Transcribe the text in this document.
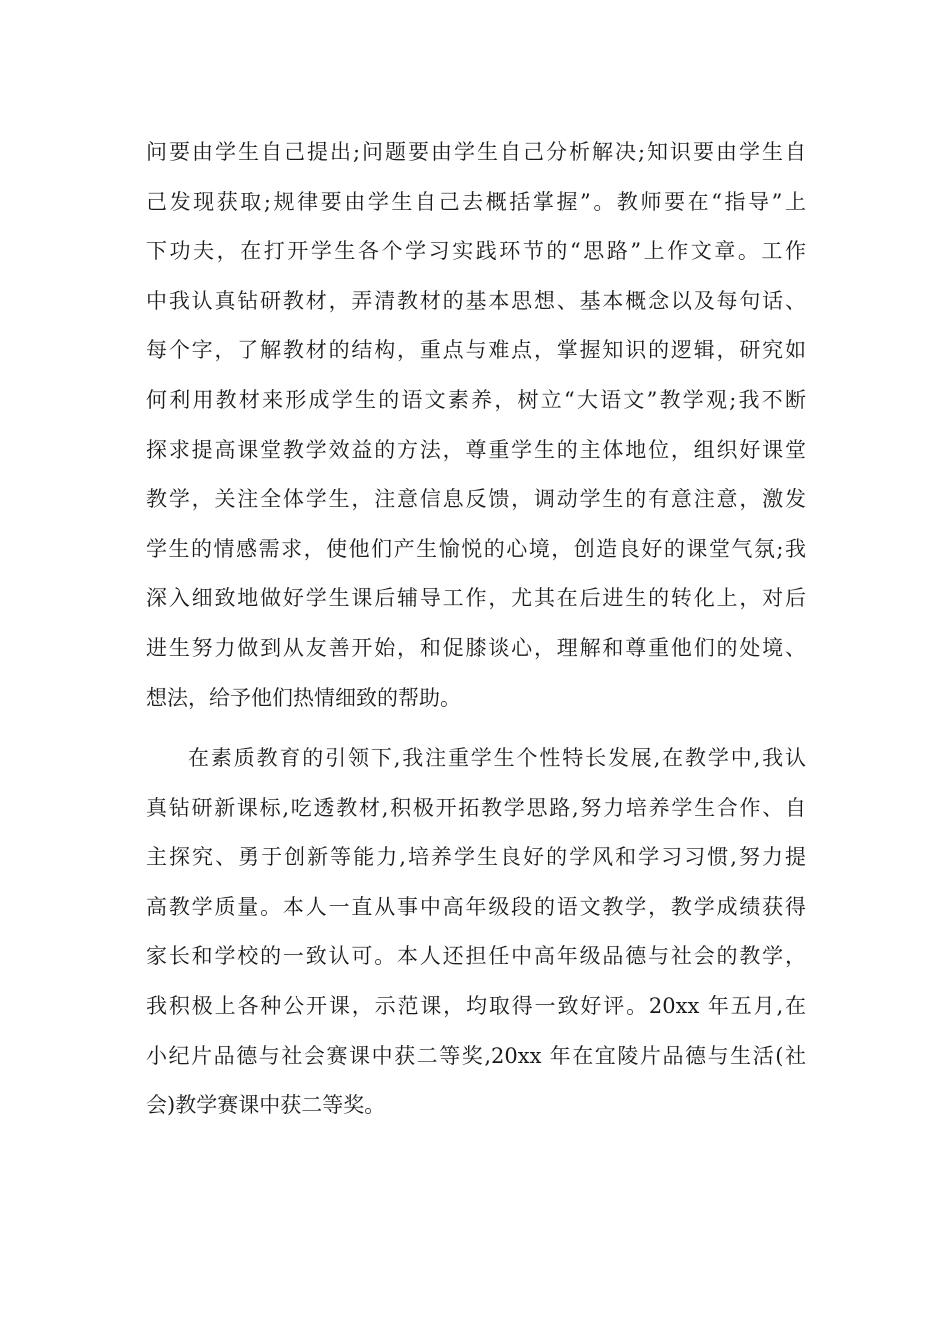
问要由学生自己提出;问题要由学生自己分析解决;知识要由学生自
己发现获取;规律要由学生自己去概括掌握”。教师要在“指导”上
下功夫，在打开学生各个学习实践环节的“思路”上作文章。工作
中我认真钻研教材，弄清教材的基本思想、基本概念以及每句话、
每个字，了解教材的结构，重点与难点，掌握知识的逻辑，研究如
何利用教材来形成学生的语文素养，树立“大语文”教学观;我不断
探求提高课堂教学效益的方法，尊重学生的主体地位，组织好课堂
教学，关注全体学生，注意信息反馈，调动学生的有意注意，激发
学生的情感需求，使他们产生愉悦的心境，创造良好的课堂气氛;我
深入细致地做好学生课后辅导工作，尤其在后进生的转化上，对后
进生努力做到从友善开始，和促膝谈心，理解和尊重他们的处境、
想法，给予他们热情细致的帮助。
在素质教育的引领下,我注重学生个性特长发展,在教学中,我认
真钻研新课标,吃透教材,积极开拓教学思路,努力培养学生合作、自
主探究、勇于创新等能力,培养学生良好的学风和学习习惯,努力提
高教学质量。本人一直从事中高年级段的语文教学，教学成绩获得
家长和学校的一致认可。本人还担任中高年级品德与社会的教学，
我积极上各种公开课，示范课，均取得一致好评。20xx 年五月,在
小纪片品德与社会赛课中获二等奖,20xx 年在宜陵片品德与生活(社
会)教学赛课中获二等奖。
